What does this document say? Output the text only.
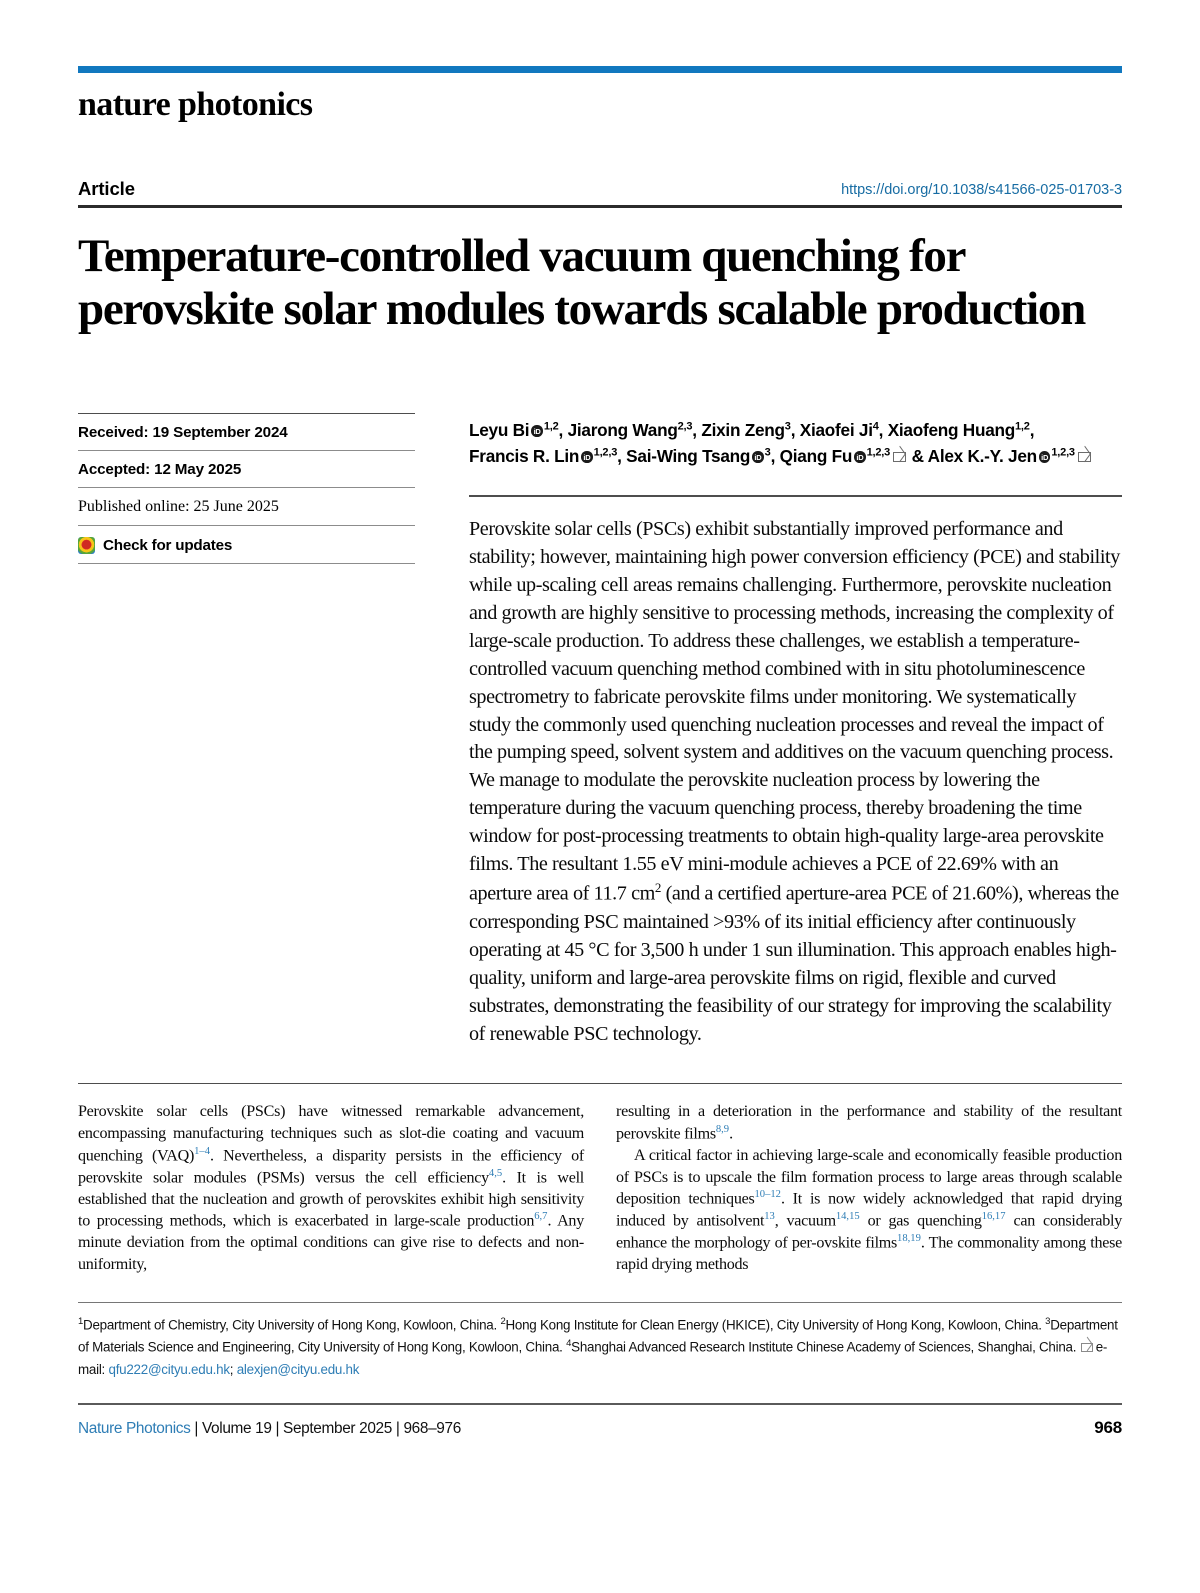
nature photonics
Article	https://doi.org/10.1038/s41566-025-01703-3
Temperature-controlled vacuum quenching for perovskite solar modules towards scalable production
Received: 19 September 2024
Accepted: 12 May 2025
Published online: 25 June 2025
Check for updates
Leyu Bi iD $^{1,2}$, Jiarong Wang$^{2,3}$, Zixin Zeng$^3$, Xiaofei Ji$^4$, Xiaofeng Huang$^{1,2}$,
Francis R. Lin iD $^{1,2,3}$, Sai-Wing Tsang iD $^3$, Qiang Fu iD $^{1,2,3}$ & Alex K.-Y. Jen iD $^{1,2,3}$
Perovskite solar cells (PSCs) exhibit substantially improved performance and stability; however, maintaining high power conversion efficiency (PCE) and stability while up-scaling cell areas remains challenging. Furthermore, perovskite nucleation and growth are highly sensitive to processing methods, increasing the complexity of large-scale production. To address these challenges, we establish a temperature-controlled vacuum quenching method combined with in situ photoluminescence spectrometry to fabricate perovskite films under monitoring. We systematically study the commonly used quenching nucleation processes and reveal the impact of the pumping speed, solvent system and additives on the vacuum quenching process. We manage to modulate the perovskite nucleation process by lowering the temperature during the vacuum quenching process, thereby broadening the time window for post-processing treatments to obtain high-quality large-area perovskite films. The resultant 1.55 eV mini-module achieves a PCE of 22.69% with an aperture area of 11.7 $cm^2$ (and a certified aperture-area PCE of 21.60%), whereas the corresponding PSC maintained >93% of its initial efficiency after continuously operating at 45 °C for 3,500 h under 1 sun illumination. This approach enables high-quality, uniform and large-area perovskite films on rigid, flexible and curved substrates, demonstrating the feasibility of our strategy for improving the scalability of renewable PSC technology.

Perovskite solar cells (PSCs) have witnessed remarkable advancement, encompassing manufacturing techniques such as slot-die coating and vacuum quenching (VAQ)$^{1-4}$. Nevertheless, a disparity persists in the efficiency of perovskite solar modules (PSMs) versus the cell efficiency$^{4,5}$. It is well established that the nucleation and growth of perovskites exhibit high sensitivity to processing methods, which is exacerbated in large-scale production$^{6,7}$. Any minute deviation from the optimal conditions can give rise to defects and non-uniformity,

resulting in a deterioration in the performance and stability of the resultant perovskite films$^{8,9}$.

A critical factor in achieving large-scale and economically feasible production of PSCs is to upscale the film formation process to large areas through scalable deposition techniques$^{10-12}$. It is now widely acknowledged that rapid drying induced by antisolvent$^{13}$, vacuum$^{14,15}$ or gas quenching$^{16,17}$ can considerably enhance the morphology of per-ovskite films$^{18,19}$. The commonality among these rapid drying methods

$^1$Department of Chemistry, City University of Hong Kong, Kowloon, China. $^2$Hong Kong Institute for Clean Energy (HKICE), City University of Hong Kong, Kowloon, China. $^3$Department of Materials Science and Engineering, City University of Hong Kong, Kowloon, China. $^4$Shanghai Advanced Research Institute Chinese Academy of Sciences, Shanghai, China. e-mail: qfu222@cityu.edu.hk; alexjen@cityu.edu.hk
Nature Photonics | Volume 19 | September 2025 | 968–976	968
